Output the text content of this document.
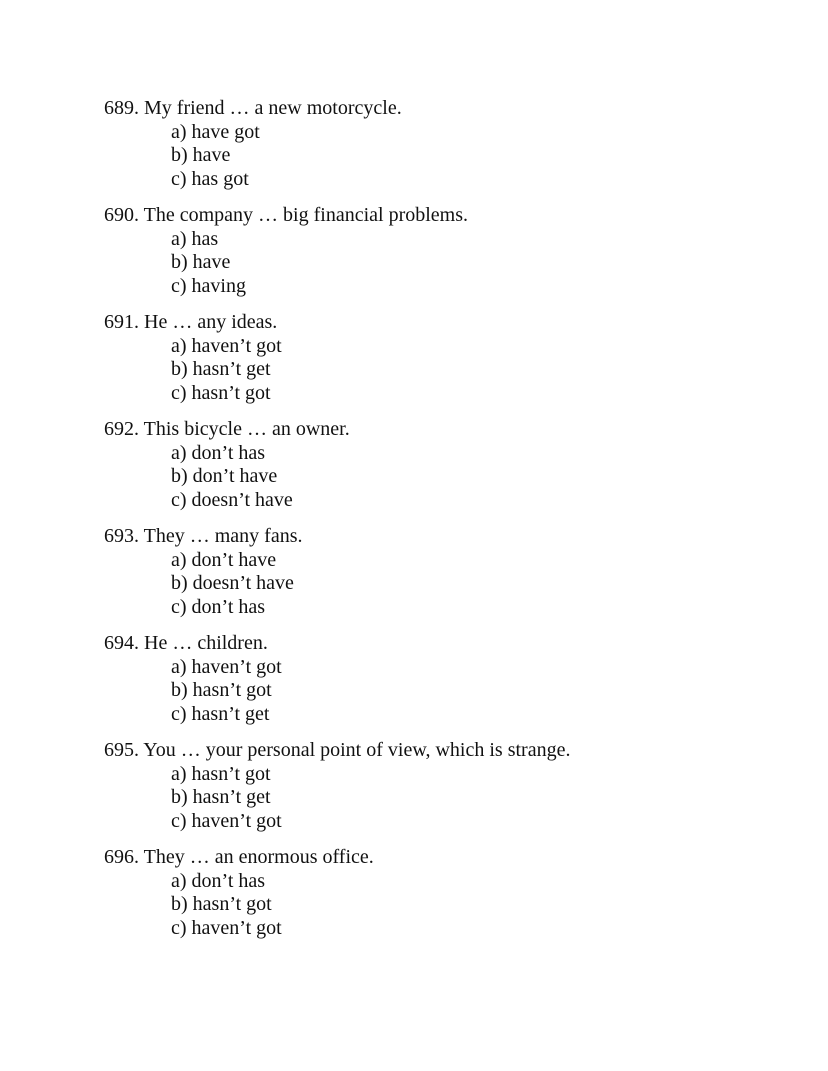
689. My friend … a new motorcycle.
a) have got
b) have
c) has got
690. The company … big financial problems.
a) has
b) have
c) having
691. He … any ideas.
a) haven’t got
b) hasn’t get
c) hasn’t got
692. This bicycle … an owner.
a) don’t has
b) don’t have
c) doesn’t have
693. They … many fans.
a) don’t have
b) doesn’t have
c) don’t has
694. He … children.
a) haven’t got
b) hasn’t got
c) hasn’t get
695. You … your personal point of view, which is strange.
a) hasn’t got
b) hasn’t get
c) haven’t got
696. They … an enormous office.
a) don’t has
b) hasn’t got
c) haven’t got
